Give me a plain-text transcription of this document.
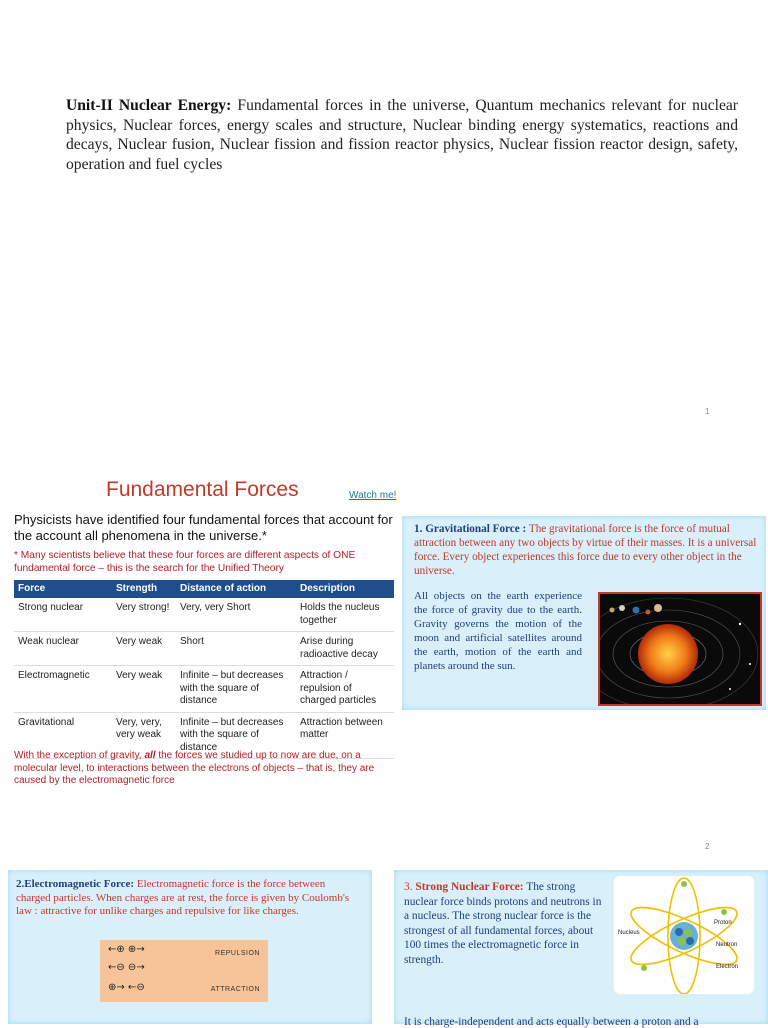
Unit-II Nuclear Energy: Fundamental forces in the universe, Quantum mechanics relevant for nuclear physics, Nuclear forces, energy scales and structure, Nuclear binding energy systematics, reactions and decays, Nuclear fusion, Nuclear fission and fission reactor physics, Nuclear fission reactor design, safety, operation and fuel cycles
1
Fundamental Forces	Watch me!
Physicists have identified four fundamental forces that account for the account all phenomena in the universe.*
* Many scientists believe that these four forces are different aspects of ONE fundamental force – this is the search for the Unified Theory
Force	Strength	Distance of action	Description
Strong nuclear	Very strong!	Very, very Short	Holds the nucleus together
Weak nuclear	Very weak	Short	Arise during radioactive decay
Electromagnetic	Very weak	Infinite – but decreases with the square of distance	Attraction / repulsion of charged particles
Gravitational	Very, very, very weak	Infinite – but decreases with the square of distance	Attraction between matter
With the exception of gravity, all the forces we studied up to now are due, on a molecular level, to interactions between the electrons of objects – that is, they are caused by the electromagnetic force
1. Gravitational Force : The gravitational force is the force of mutual attraction between any two objects by virtue of their masses. It is a universal force. Every object experiences this force due to every other object in the universe.
All objects on the earth experience the force of gravity due to the earth. Gravity governs the motion of the moon and artificial satellites around the earth, motion of the earth and planets around the sun.
2
2.Electromagnetic Force: Electromagnetic force is the force between charged particles. When charges are at rest, the force is given by Coulomb's law : attractive for unlike charges and repulsive for like charges.
←⊕ ⊕→	REPULSION
←⊖ ⊖→
⊕→ ←⊖	ATTRACTION
3. Strong Nuclear Force: The strong nuclear force binds protons and neutrons in a nucleus. The strong nuclear force is the strongest of all fundamental forces, about 100 times the electromagnetic force in strength.
Nucleus
Proton
Neutron
Electron
It is charge-independent and acts equally between a proton and a
